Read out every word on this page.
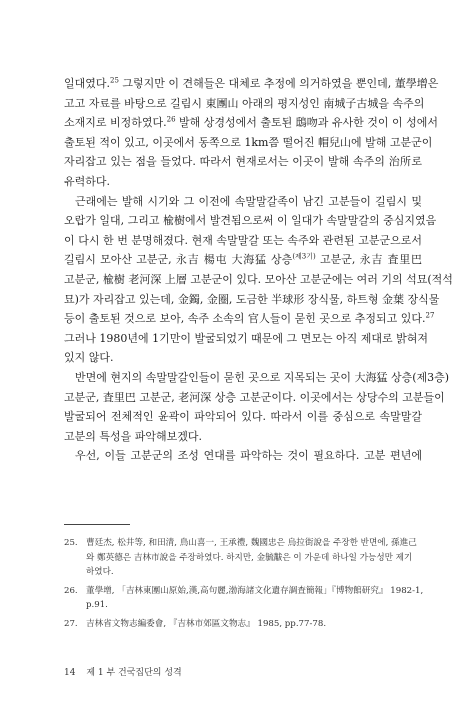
일대였다.$^{25}$ 그렇지만 이 견해들은 대체로 추정에 의거하였을 뿐인데, 董學增은
고고 자료를 바탕으로 길림시 東團山 아래의 평지성인 南城子古城을 속주의
소재지로 비정하였다.$^{26}$ 발해 상경성에서 출토된 鴟吻과 유사한 것이 이 성에서
출토된 적이 있고, 이곳에서 동쪽으로 1km쯤 떨어진 帽兒山에 발해 고분군이
자리잡고 있는 점을 들었다. 따라서 현재로서는 이곳이 발해 속주의 治所로
유력하다.
근래에는 발해 시기와 그 이전에 속말말갈족이 남긴 고분들이 길림시 및
오랍가 일대, 그리고 楡樹에서 발견됨으로써 이 일대가 속말말갈의 중심지였음
이 다시 한 번 분명해졌다. 현재 속말말갈 또는 속주와 관련된 고분군으로서
길림시 모아산 고분군, 永吉 楊屯 大海猛 상층$^{(제3기)}$ 고분군, 永吉 査里巴
고분군, 楡樹 老河深 上層 고분군이 있다. 모아산 고분군에는 여러 기의 석묘(적석
묘)가 자리잡고 있는데, 金鐲, 金圈, 도금한 半球形 장식물, 하트형 金葉 장식물
등이 출토된 것으로 보아, 속주 소속의 官人들이 묻힌 곳으로 추정되고 있다.$^{27}$
그러나 1980년에 1기만이 발굴되었기 때문에 그 면모는 아직 제대로 밝혀져
있지 않다.
반면에 현지의 속말말갈인들이 묻힌 곳으로 지목되는 곳이 大海猛 상층(제3층)
고분군, 査里巴 고분군, 老河深 상층 고분군이다. 이곳에서는 상당수의 고분들이
발굴되어 전체적인 윤곽이 파악되어 있다. 따라서 이를 중심으로 속말말갈
고분의 특성을 파악해보겠다.
우선, 이들 고분군의 조성 연대를 파악하는 것이 필요하다. 고분 편년에
25. 曹廷杰, 松井等, 和田清, 鳥山喜一, 王承禮, 魏國忠은 烏拉街說을 주장한 반면에, 孫進己
와 鄭英德은 吉林市說을 주장하였다. 하지만, 金毓黻은 이 가운데 하나일 가능성만 제기
하였다.
26. 董學增, 「吉林東團山原始,漢,高句麗,渤海諸文化遺存調査簡報」『博物館研究』 1982-1,
p.91.
27. 吉林省文物志編委會, 『吉林市郊區文物志』 1985, pp.77-78.
14 제 1 부 건국집단의 성격
